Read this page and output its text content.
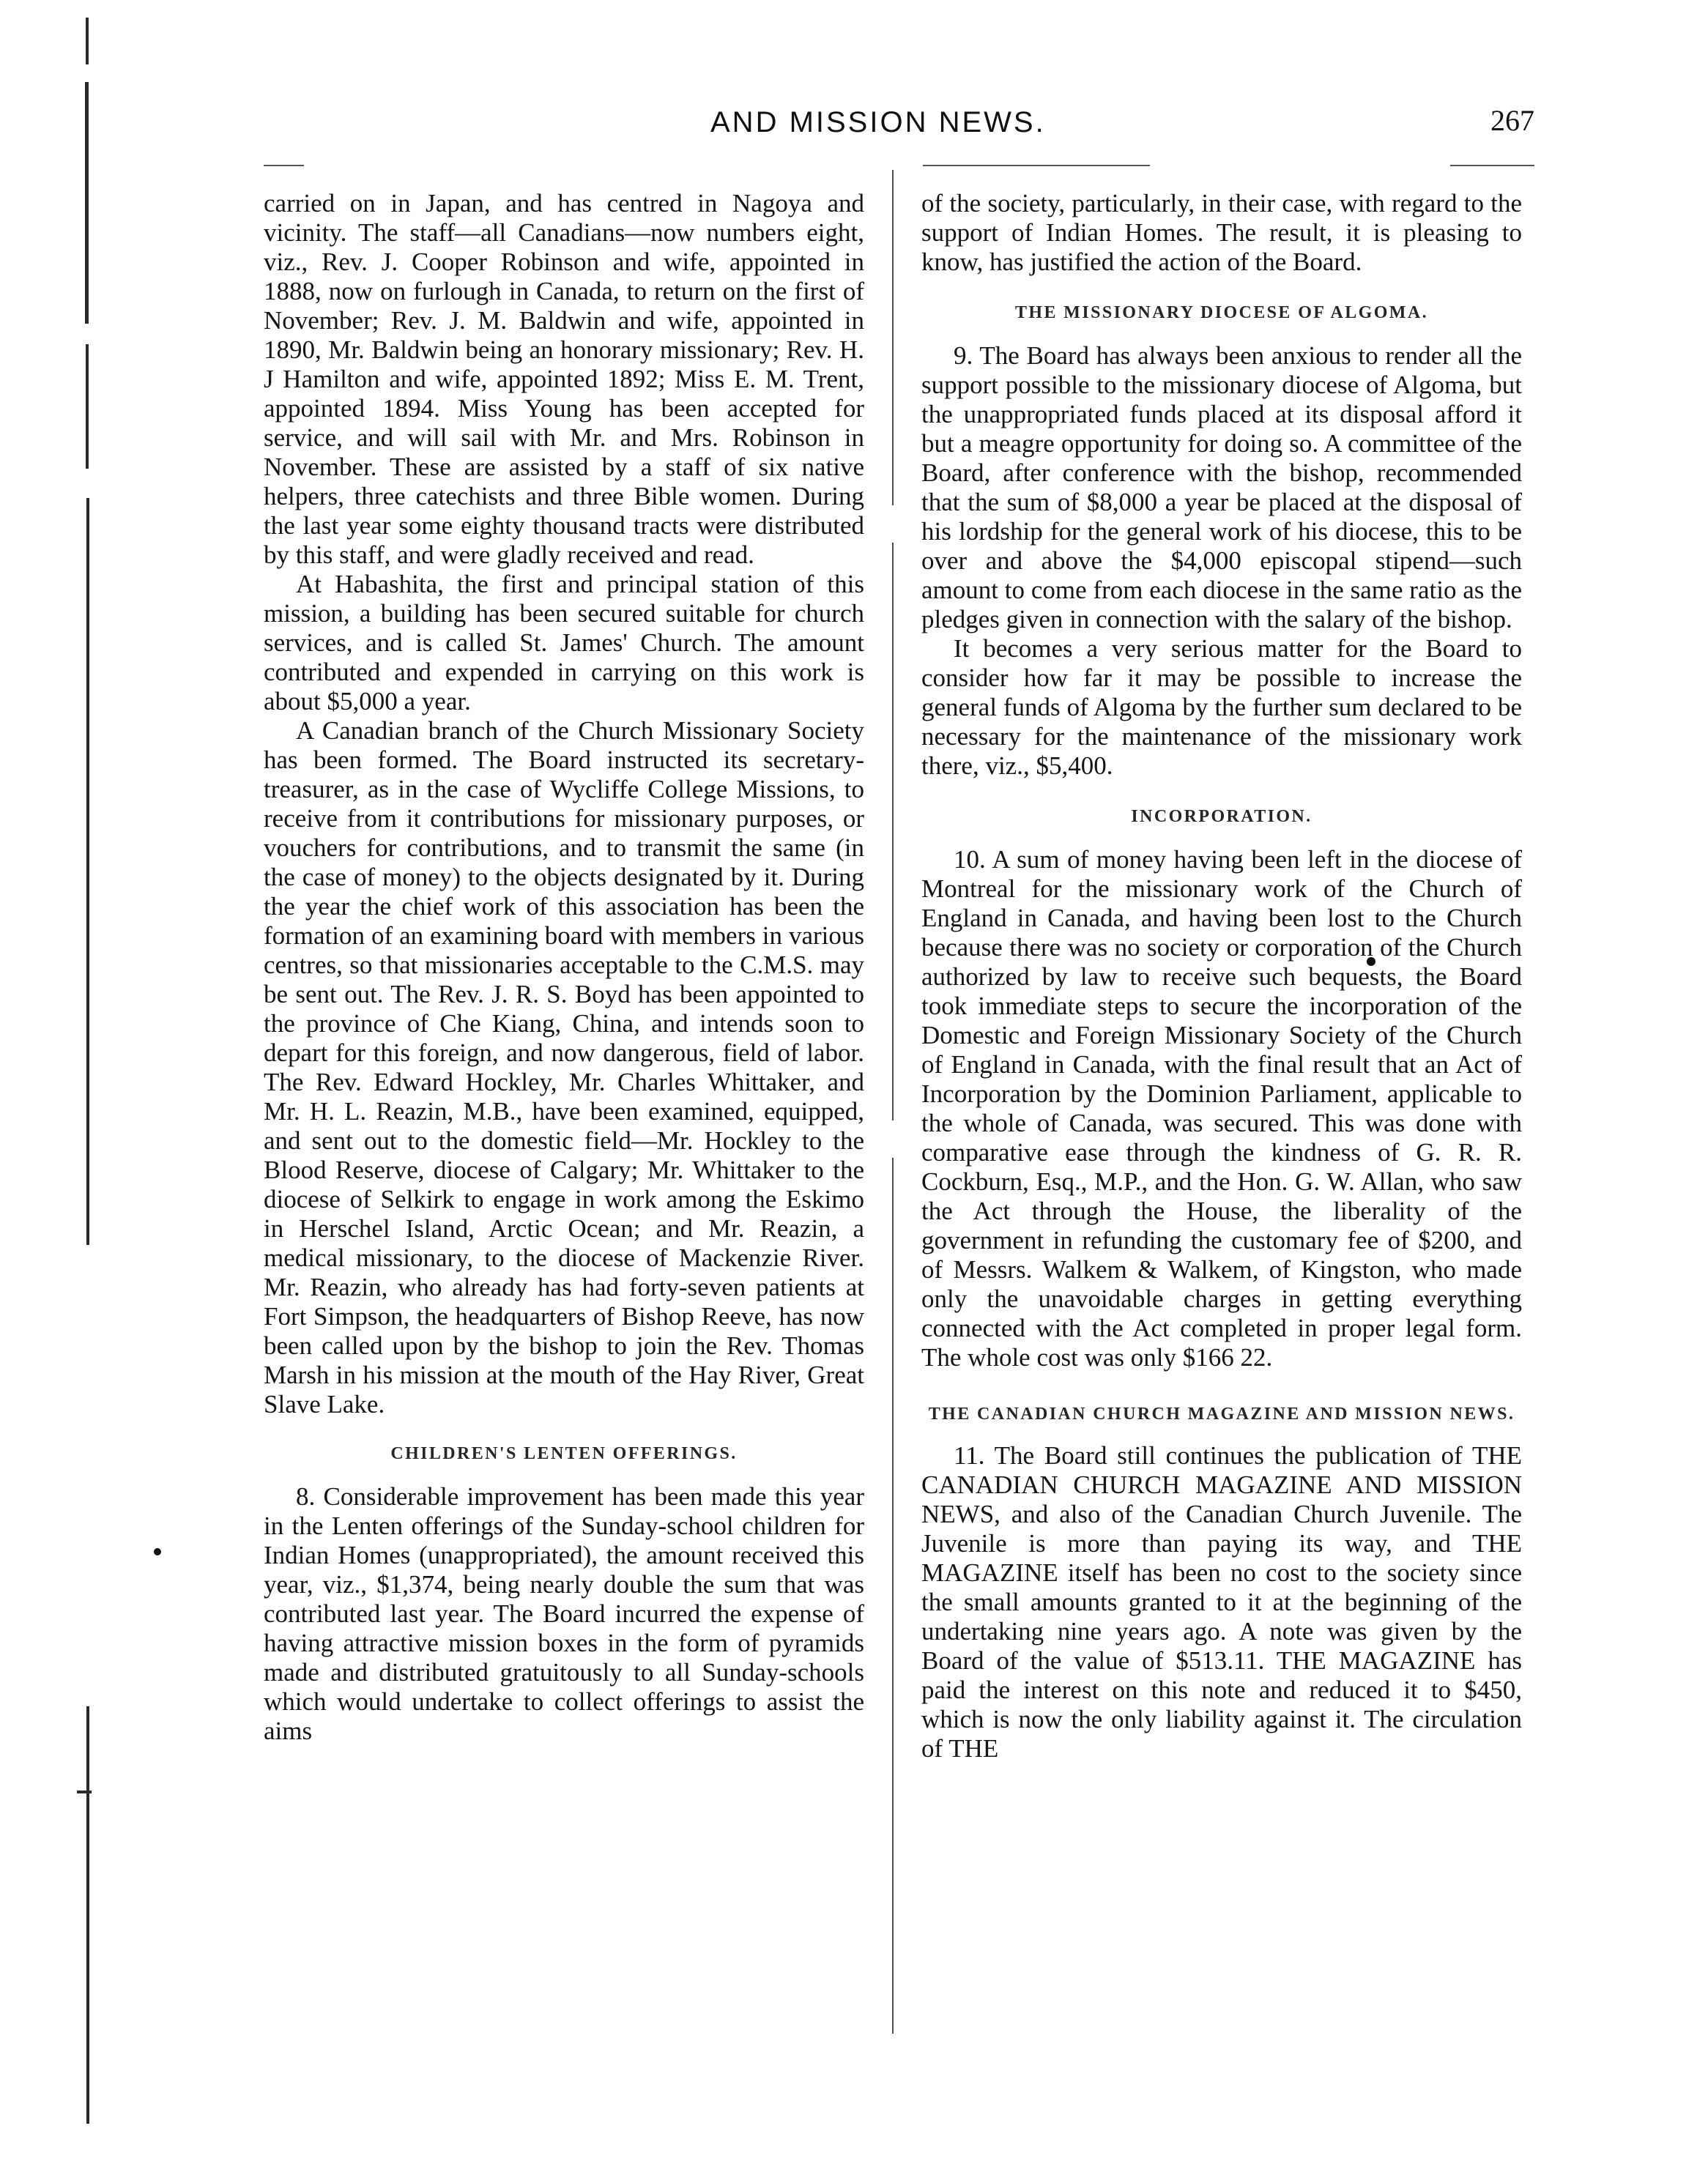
AND MISSION NEWS.	267

carried on in Japan, and has centred in Nagoya and vicinity. The staff—all Canadians—now numbers eight, viz., Rev. J. Cooper Robinson and wife, appointed in 1888, now on furlough in Canada, to return on the first of November; Rev. J. M. Baldwin and wife, appointed in 1890, Mr. Baldwin being an honorary missionary; Rev. H. J Hamilton and wife, appointed 1892; Miss E. M. Trent, appointed 1894. Miss Young has been accepted for service, and will sail with Mr. and Mrs. Robinson in November. These are assisted by a staff of six native helpers, three catechists and three Bible women. During the last year some eighty thousand tracts were distributed by this staff, and were gladly received and read.

At Habashita, the first and principal station of this mission, a building has been secured suitable for church services, and is called St. James' Church. The amount contributed and expended in carrying on this work is about $5,000 a year.

A Canadian branch of the Church Missionary Society has been formed. The Board instructed its secretary-treasurer, as in the case of Wycliffe College Missions, to receive from it contributions for missionary purposes, or vouchers for contributions, and to transmit the same (in the case of money) to the objects designated by it. During the year the chief work of this association has been the formation of an examining board with members in various centres, so that missionaries acceptable to the C.M.S. may be sent out. The Rev. J. R. S. Boyd has been appointed to the province of Che Kiang, China, and intends soon to depart for this foreign, and now dangerous, field of labor. The Rev. Edward Hockley, Mr. Charles Whittaker, and Mr. H. L. Reazin, M.B., have been examined, equipped, and sent out to the domestic field—Mr. Hockley to the Blood Reserve, diocese of Calgary; Mr. Whittaker to the diocese of Selkirk to engage in work among the Eskimo in Herschel Island, Arctic Ocean; and Mr. Reazin, a medical missionary, to the diocese of Mackenzie River. Mr. Reazin, who already has had forty-seven patients at Fort Simpson, the headquarters of Bishop Reeve, has now been called upon by the bishop to join the Rev. Thomas Marsh in his mission at the mouth of the Hay River, Great Slave Lake.

CHILDREN'S LENTEN OFFERINGS.

8. Considerable improvement has been made this year in the Lenten offerings of the Sunday-school children for Indian Homes (unappropriated), the amount received this year, viz., $1,374, being nearly double the sum that was contributed last year. The Board incurred the expense of having attractive mission boxes in the form of pyramids made and distributed gratuitously to all Sunday-schools which would undertake to collect offerings to assist the aims

of the society, particularly, in their case, with regard to the support of Indian Homes. The result, it is pleasing to know, has justified the action of the Board.

THE MISSIONARY DIOCESE OF ALGOMA.

9. The Board has always been anxious to render all the support possible to the missionary diocese of Algoma, but the unappropriated funds placed at its disposal afford it but a meagre opportunity for doing so. A committee of the Board, after conference with the bishop, recommended that the sum of $8,000 a year be placed at the disposal of his lordship for the general work of his diocese, this to be over and above the $4,000 episcopal stipend—such amount to come from each diocese in the same ratio as the pledges given in connection with the salary of the bishop.

It becomes a very serious matter for the Board to consider how far it may be possible to increase the general funds of Algoma by the further sum declared to be necessary for the maintenance of the missionary work there, viz., $5,400.

INCORPORATION.

10. A sum of money having been left in the diocese of Montreal for the missionary work of the Church of England in Canada, and having been lost to the Church because there was no society or corporation of the Church authorized by law to receive such bequests, the Board took immediate steps to secure the incorporation of the Domestic and Foreign Missionary Society of the Church of England in Canada, with the final result that an Act of Incorporation by the Dominion Parliament, applicable to the whole of Canada, was secured. This was done with comparative ease through the kindness of G. R. R. Cockburn, Esq., M.P., and the Hon. G. W. Allan, who saw the Act through the House, the liberality of the government in refunding the customary fee of $200, and of Messrs. Walkem & Walkem, of Kingston, who made only the unavoidable charges in getting everything connected with the Act completed in proper legal form. The whole cost was only $166 22.

THE CANADIAN CHURCH MAGAZINE AND MISSION NEWS.

11. The Board still continues the publication of THE CANADIAN CHURCH MAGAZINE AND MISSION NEWS, and also of the Canadian Church Juvenile. The Juvenile is more than paying its way, and THE MAGAZINE itself has been no cost to the society since the small amounts granted to it at the beginning of the undertaking nine years ago. A note was given by the Board of the value of $513.11. THE MAGAZINE has paid the interest on this note and reduced it to $450, which is now the only liability against it. The circulation of THE
